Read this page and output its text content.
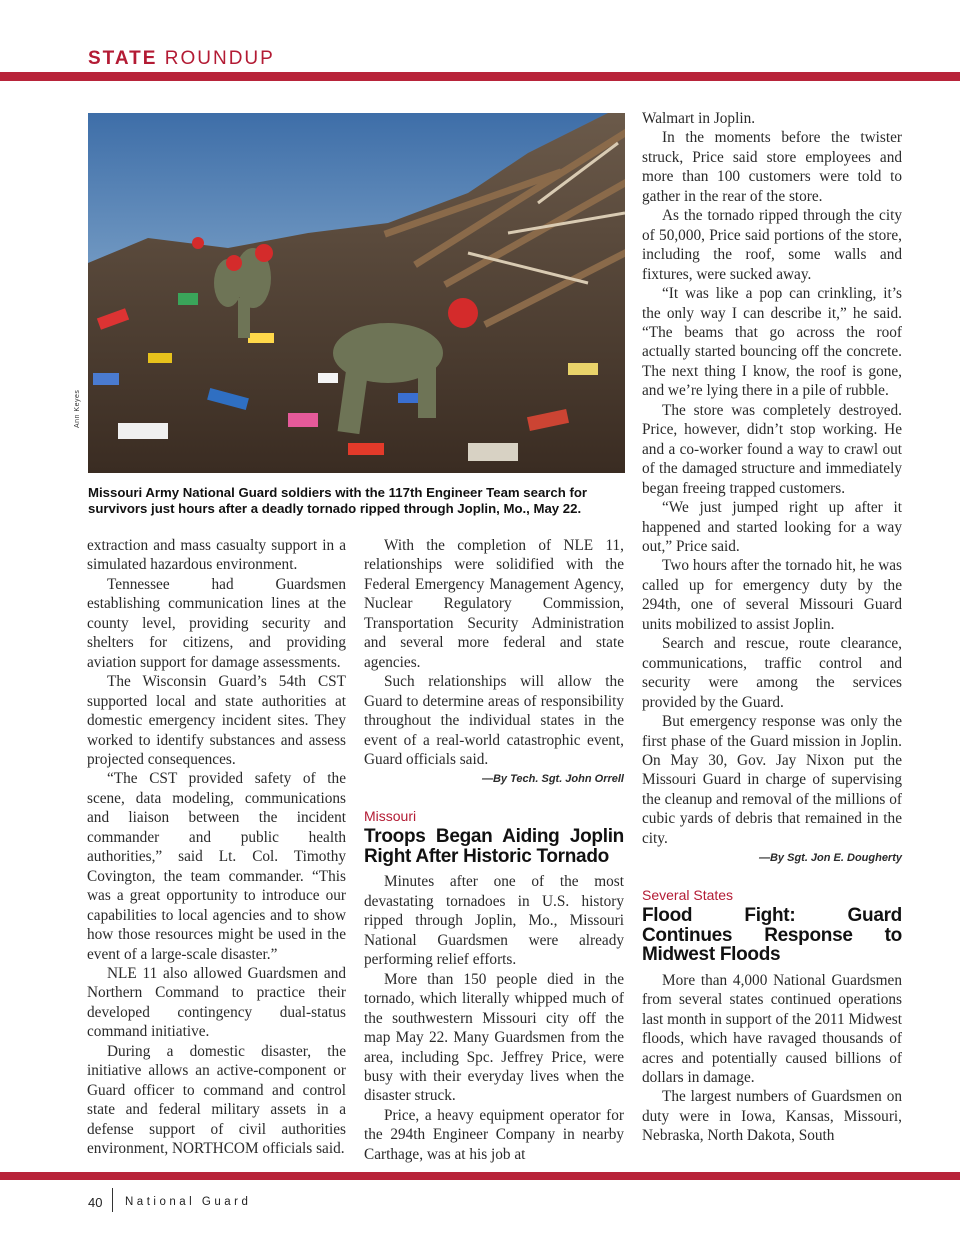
STATE ROUNDUP
Ann Keyes
Missouri Army National Guard soldiers with the 117th Engineer Team search for survivors just hours after a deadly tornado ripped through Joplin, Mo., May 22.

extraction and mass casualty support in a simulated hazardous environment.

Tennessee had Guardsmen establishing communication lines at the county level, providing security and shelters for citizens, and providing aviation support for damage assessments.

The Wisconsin Guard’s 54th CST supported local and state authorities at domestic emergency incident sites. They worked to identify substances and assess projected consequences.

“The CST provided safety of the scene, data modeling, communications and liaison between the incident commander and public health authorities,” said Lt. Col. Timothy Covington, the team commander. “This was a great opportunity to introduce our capabilities to local agencies and to show how those resources might be used in the event of a large-scale disaster.”

NLE 11 also allowed Guardsmen and Northern Command to practice their developed contingency dual-status command initiative.

During a domestic disaster, the initiative allows an active-component or Guard officer to command and control state and federal military assets in a defense support of civil authorities environment, NORTHCOM officials said.

With the completion of NLE 11, relationships were solidified with the Federal Emergency Management Agency, Nuclear Regulatory Commission, Transportation Security Administration and several more federal and state agencies.

Such relationships will allow the Guard to determine areas of responsibility throughout the individual states in the event of a real-world catastrophic event, Guard officials said.

—By Tech. Sgt. John Orrell
Missouri
Troops Began Aiding Joplin Right After Historic Tornado

Minutes after one of the most devastating tornadoes in U.S. history ripped through Joplin, Mo., Missouri National Guardsmen were already performing relief efforts.

More than 150 people died in the tornado, which literally whipped much of the southwestern Missouri city off the map May 22. Many Guardsmen from the area, including Spc. Jeffrey Price, were busy with their everyday lives when the disaster struck.

Price, a heavy equipment operator for the 294th Engineer Company in nearby Carthage, was at his job at

Walmart in Joplin.

In the moments before the twister struck, Price said store employees and more than 100 customers were told to gather in the rear of the store.

As the tornado ripped through the city of 50,000, Price said portions of the store, including the roof, some walls and fixtures, were sucked away.

“It was like a pop can crinkling, it’s the only way I can describe it,” he said. “The beams that go across the roof actually started bouncing off the concrete. The next thing I know, the roof is gone, and we’re lying there in a pile of rubble.

The store was completely destroyed. Price, however, didn’t stop working. He and a co-worker found a way to crawl out of the damaged structure and immediately began freeing trapped customers.

“We just jumped right up after it happened and started looking for a way out,” Price said.

Two hours after the tornado hit, he was called up for emergency duty by the 294th, one of several Missouri Guard units mobilized to assist Joplin.

Search and rescue, route clearance, communications, traffic control and security were among the services provided by the Guard.

But emergency response was only the first phase of the Guard mission in Joplin. On May 30, Gov. Jay Nixon put the Missouri Guard in charge of supervising the cleanup and removal of the millions of cubic yards of debris that remained in the city.

—By Sgt. Jon E. Dougherty
Several States
Flood Fight: Guard Continues Response to Midwest Floods

More than 4,000 National Guardsmen from several states continued operations last month in support of the 2011 Midwest floods, which have ravaged thousands of acres and potentially caused billions of dollars in damage.

The largest numbers of Guardsmen on duty were in Iowa, Kansas, Missouri, Nebraska, North Dakota, South

40 National Guard
